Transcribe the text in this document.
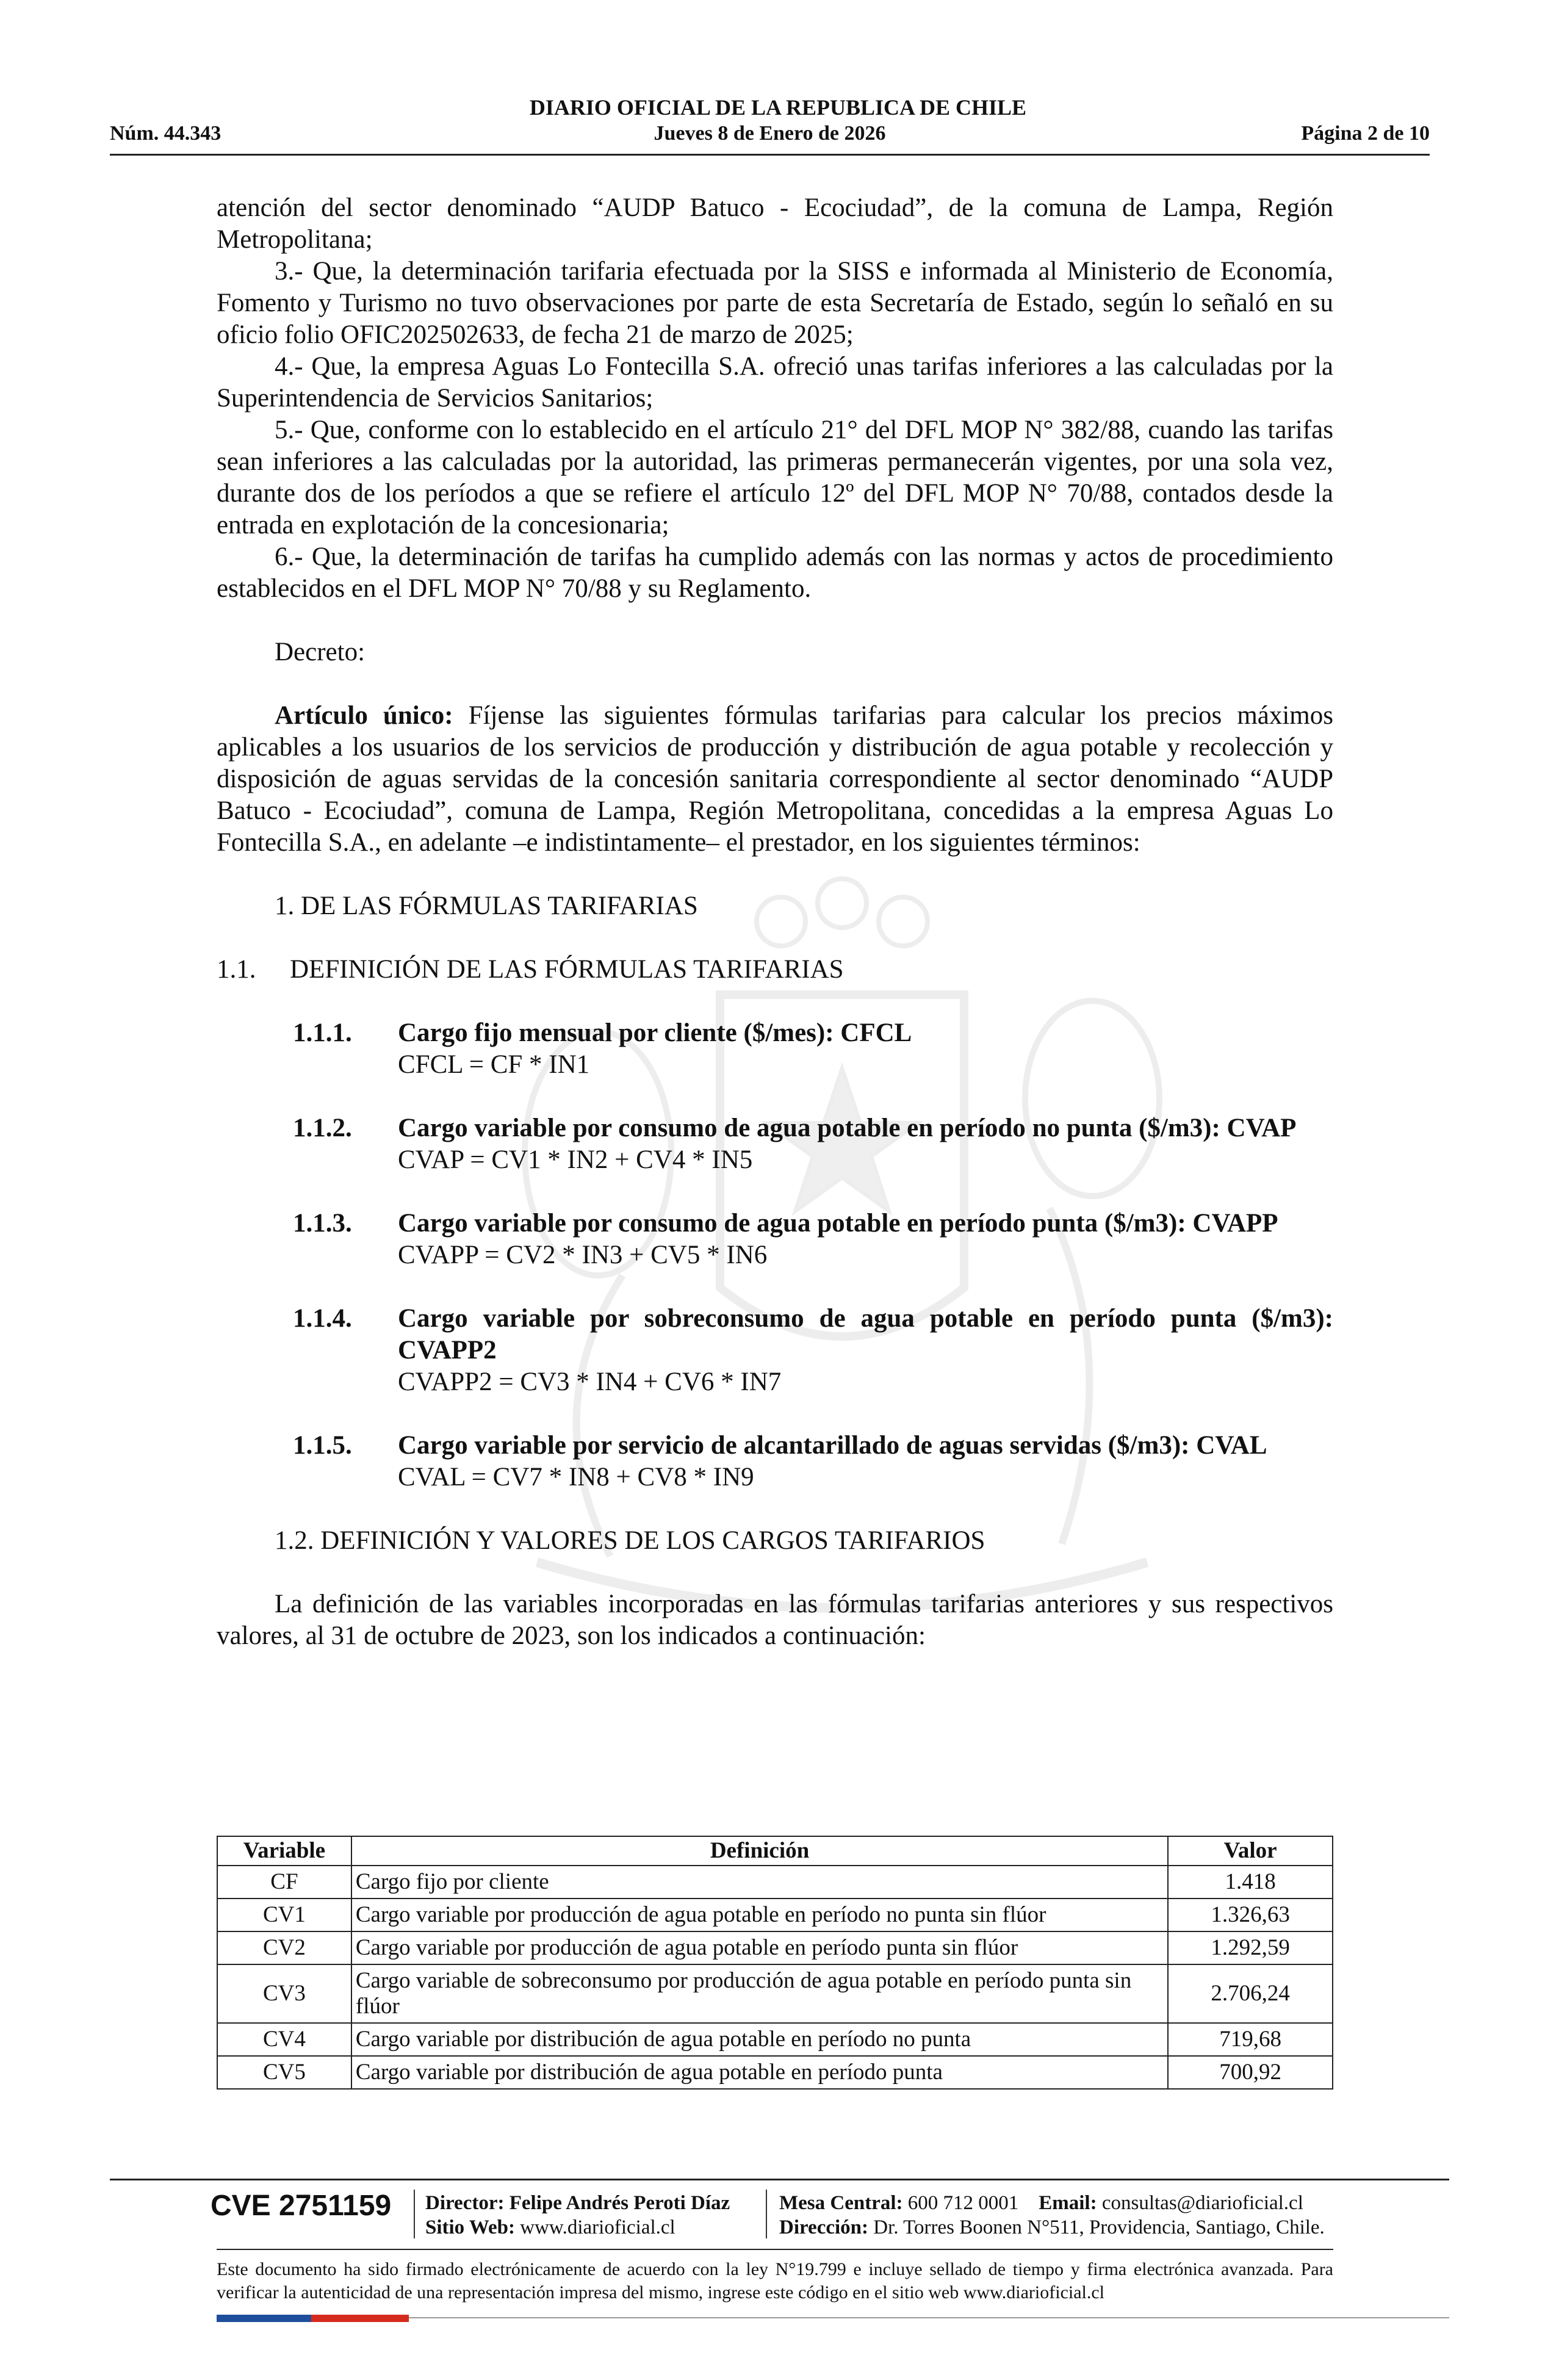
DIARIO OFICIAL DE LA REPUBLICA DE CHILE
Núm. 44.343	Jueves 8 de Enero de 2026	Página 2 de 10

atención del sector denominado “AUDP Batuco - Ecociudad”, de la comuna de Lampa, Región Metropolitana;

3.- Que, la determinación tarifaria efectuada por la SISS e informada al Ministerio de Economía, Fomento y Turismo no tuvo observaciones por parte de esta Secretaría de Estado, según lo señaló en su oficio folio OFIC202502633, de fecha 21 de marzo de 2025;

4.- Que, la empresa Aguas Lo Fontecilla S.A. ofreció unas tarifas inferiores a las calculadas por la Superintendencia de Servicios Sanitarios;

5.- Que, conforme con lo establecido en el artículo 21° del DFL MOP N° 382/88, cuando las tarifas sean inferiores a las calculadas por la autoridad, las primeras permanecerán vigentes, por una sola vez, durante dos de los períodos a que se refiere el artículo 12º del DFL MOP N° 70/88, contados desde la entrada en explotación de la concesionaria;

6.- Que, la determinación de tarifas ha cumplido además con las normas y actos de procedimiento establecidos en el DFL MOP N° 70/88 y su Reglamento.

Decreto:

Artículo único: Fíjense las siguientes fórmulas tarifarias para calcular los precios máximos aplicables a los usuarios de los servicios de producción y distribución de agua potable y recolección y disposición de aguas servidas de la concesión sanitaria correspondiente al sector denominado “AUDP Batuco - Ecociudad”, comuna de Lampa, Región Metropolitana, concedidas a la empresa Aguas Lo Fontecilla S.A., en adelante –e indistintamente– el prestador, en los siguientes términos:

1. DE LAS FÓRMULAS TARIFARIAS

1.1. DEFINICIÓN DE LAS FÓRMULAS TARIFARIAS

1.1.1. Cargo fijo mensual por cliente ($/mes): CFCL
CFCL = CF * IN1
1.1.2. Cargo variable por consumo de agua potable en período no punta ($/m3): CVAP
CVAP = CV1 * IN2 + CV4 * IN5
1.1.3. Cargo variable por consumo de agua potable en período punta ($/m3): CVAPP
CVAPP = CV2 * IN3 + CV5 * IN6
1.1.4. Cargo variable por sobreconsumo de agua potable en período punta ($/m3): CVAPP2
CVAPP2 = CV3 * IN4 + CV6 * IN7
1.1.5. Cargo variable por servicio de alcantarillado de aguas servidas ($/m3): CVAL
CVAL = CV7 * IN8 + CV8 * IN9

1.2. DEFINICIÓN Y VALORES DE LOS CARGOS TARIFARIOS

La definición de las variables incorporadas en las fórmulas tarifarias anteriores y sus respectivos valores, al 31 de octubre de 2023, son los indicados a continuación:

Variable	Definición	Valor
CF	Cargo fijo por cliente	1.418
CV1	Cargo variable por producción de agua potable en período no punta sin flúor	1.326,63
CV2	Cargo variable por producción de agua potable en período punta sin flúor	1.292,59
CV3	Cargo variable de sobreconsumo por producción de agua potable en período punta sin flúor	2.706,24
CV4	Cargo variable por distribución de agua potable en período no punta	719,68
CV5	Cargo variable por distribución de agua potable en período punta	700,92
CVE 2751159 Director: Felipe Andrés Peroti Díaz
Sitio Web: www.diarioficial.cl
Mesa Central: 600 712 0001 Email: consultas@diarioficial.cl
Dirección: Dr. Torres Boonen N°511, Providencia, Santiago, Chile.
Este documento ha sido firmado electrónicamente de acuerdo con la ley N°19.799 e incluye sellado de tiempo y firma electrónica avanzada. Para verificar la autenticidad de una representación impresa del mismo, ingrese este código en el sitio web www.diarioficial.cl
